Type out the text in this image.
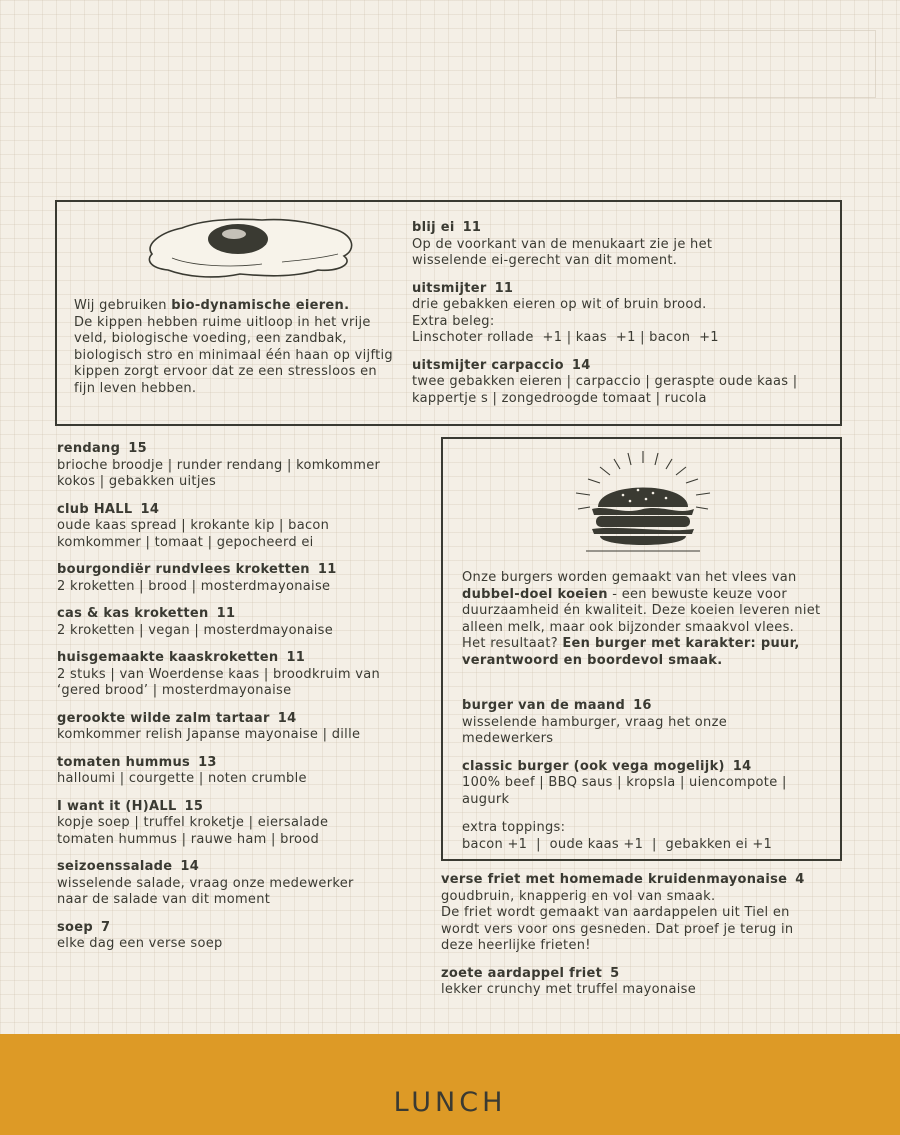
Wij gebruiken bio-dynamische eieren.
De kippen hebben ruime uitloop in het vrije veld, biologische voeding, een zandbak, biologisch stro en minimaal één haan op vijftig kippen zorgt ervoor dat ze een stressloos en fijn leven hebben.
blij ei 11
Op de voorkant van de menukaart zie je het
wisselende ei-gerecht van dit moment.
uitsmijter 11
drie gebakken eieren op wit of bruin brood.
Extra beleg:
Linschoter rollade  +1 | kaas  +1 | bacon  +1
uitsmijter carpaccio 14
twee gebakken eieren | carpaccio | geraspte oude kaas |
kappertje s | zongedroogde tomaat | rucola
rendang 15
brioche broodje | runder rendang | komkommer
kokos | gebakken uitjes
club HALL 14
oude kaas spread | krokante kip | bacon
komkommer | tomaat | gepocheerd ei
bourgondiër rundvlees kroketten 11
2 kroketten | brood | mosterdmayonaise
cas & kas kroketten 11
2 kroketten | vegan | mosterdmayonaise
huisgemaakte kaaskroketten 11
2 stuks | van Woerdense kaas | broodkruim van
‘gered brood’ | mosterdmayonaise
gerookte wilde zalm tartaar 14
komkommer relish Japanse mayonaise | dille
tomaten hummus 13
halloumi | courgette | noten crumble
I want it (H)ALL 15
kopje soep | truffel kroketje | eiersalade
tomaten hummus | rauwe ham | brood
seizoenssalade 14
wisselende salade, vraag onze medewerker
naar de salade van dit moment
soep 7
elke dag een verse soep
Onze burgers worden gemaakt van het vlees van
dubbel-doel koeien - een bewuste keuze voor duurzaamheid én kwaliteit. Deze koeien leveren niet alleen melk, maar ook bijzonder smaakvol vlees.
Het resultaat? Een burger met karakter: puur, verantwoord en boordevol smaak.
burger van de maand 16
wisselende hamburger, vraag het onze
medewerkers
classic burger (ook vega mogelijk) 14
100% beef | BBQ saus | kropsla | uiencompote |
augurk
extra toppings:
bacon +1  |  oude kaas +1  |  gebakken ei +1
verse friet met homemade kruidenmayonaise 4
goudbruin, knapperig en vol van smaak.
De friet wordt gemaakt van aardappelen uit Tiel en
wordt vers voor ons gesneden. Dat proef je terug in
deze heerlijke frieten!
zoete aardappel friet 5
lekker crunchy met truffel mayonaise
LUNCH
